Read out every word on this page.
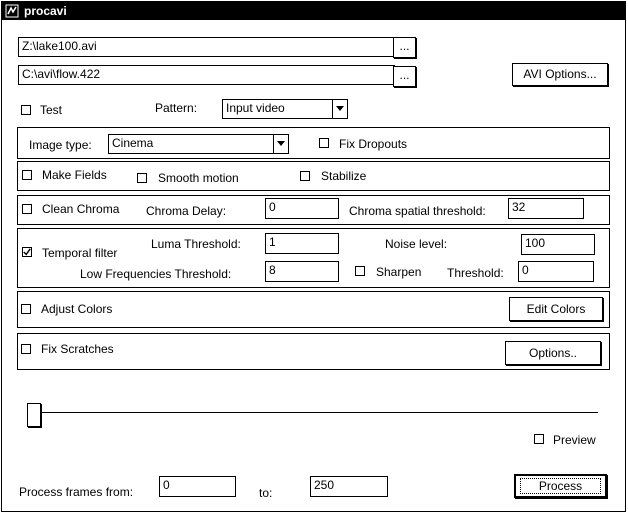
procavi
Z:\lake100.avi	...
C:\avi\flow.422	...	AVI Options...
Test	Pattern:	Input video
Image type:	Cinema	Fix Dropouts
Make Fields	Smooth motion	Stabilize
Clean Chroma Chroma Delay:	0	Chroma spatial threshold:	32
Temporal filter
Luma Threshold:	1	Noise level:	100
Low Frequencies Threshold:	8	Sharpen Threshold:	0
Adjust Colors	Edit Colors
Fix Scratches	Options..
Preview
Process frames from:	0
to:
250	Process
